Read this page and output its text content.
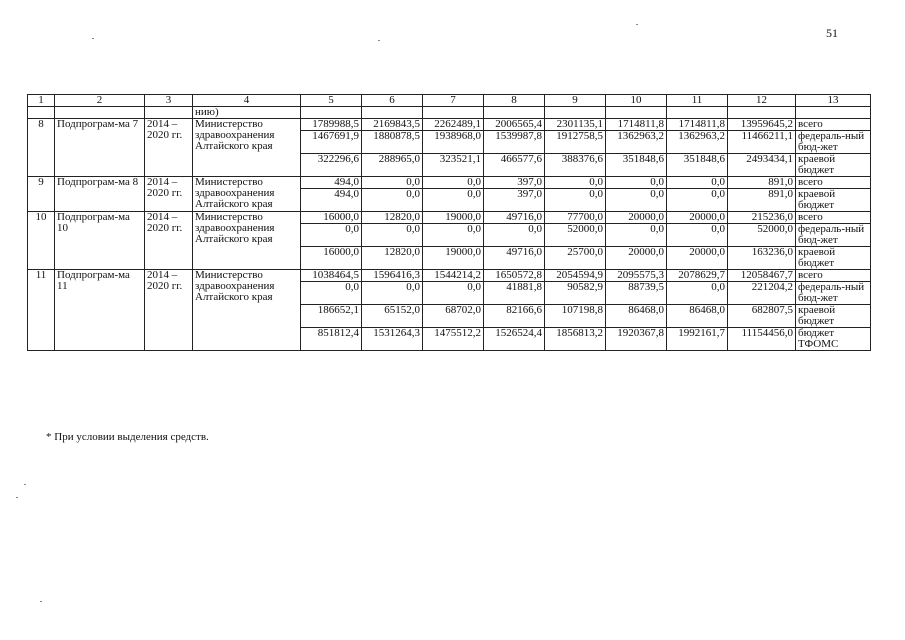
51
1	2	3	4	5	6	7	8	9	10	11	12	13
			нию)									
8	Подпрограм-ма 7	2014 – 2020 гг.	Министерство здравоохранения Алтайского края	1789988,5	2169843,5	2262489,1	2006565,4	2301135,1	1714811,8	1714811,8	13959645,2	всего
				1467691,9	1880878,5	1938968,0	1539987,8	1912758,5	1362963,2	1362963,2	11466211,1	федераль-ный бюд-жет
				322296,6	288965,0	323521,1	466577,6	388376,6	351848,6	351848,6	2493434,1	краевой бюджет
9	Подпрограм-ма 8	2014 – 2020 гг.	Министерство здравоохранения Алтайского края	494,0	0,0	0,0	397,0	0,0	0,0	0,0	891,0	всего
				494,0	0,0	0,0	397,0	0,0	0,0	0,0	891,0	краевой бюджет
10	Подпрограм-ма 10	2014 – 2020 гг.	Министерство здравоохранения Алтайского края	16000,0	12820,0	19000,0	49716,0	77700,0	20000,0	20000,0	215236,0	всего
				0,0	0,0	0,0	0,0	52000,0	0,0	0,0	52000,0	федераль-ный бюд-жет
				16000,0	12820,0	19000,0	49716,0	25700,0	20000,0	20000,0	163236,0	краевой бюджет
11	Подпрограм-ма 11	2014 – 2020 гг.	Министерство здравоохранения Алтайского края	1038464,5	1596416,3	1544214,2	1650572,8	2054594,9	2095575,3	2078629,7	12058467,7	всего
				0,0	0,0	0,0	41881,8	90582,9	88739,5	0,0	221204,2	федераль-ный бюд-жет
				186652,1	65152,0	68702,0	82166,6	107198,8	86468,0	86468,0	682807,5	краевой бюджет
				851812,4	1531264,3	1475512,2	1526524,4	1856813,2	1920367,8	1992161,7	11154456,0	бюджет ТФОМС
* При условии выделения средств.
